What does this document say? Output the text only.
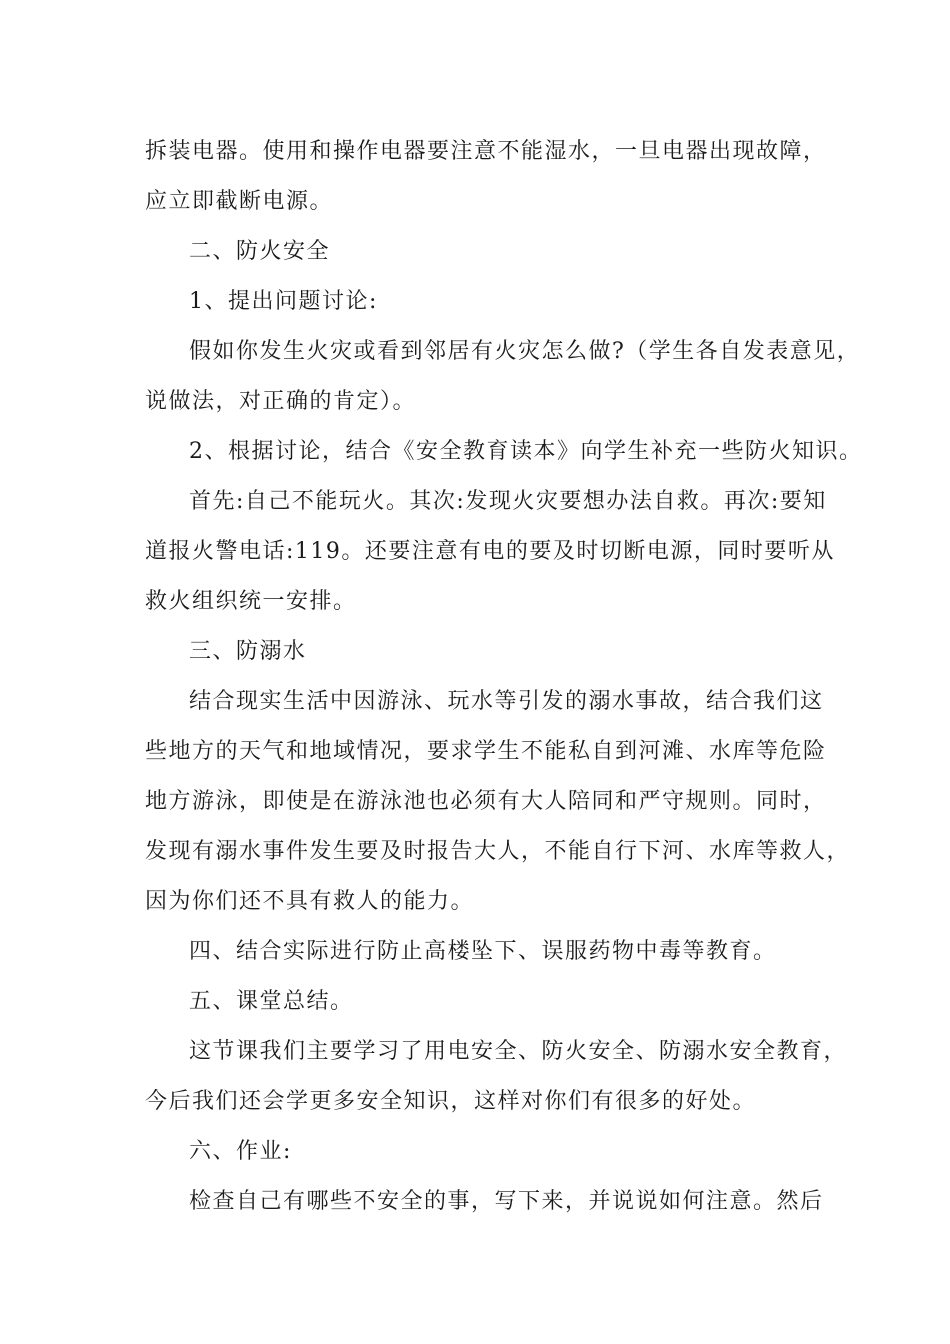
拆装电器。使用和操作电器要注意不能湿水，一旦电器出现故障，
应立即截断电源。
二、防火安全
1、提出问题讨论:
假如你发生火灾或看到邻居有火灾怎么做?（学生各自发表意见，
说做法，对正确的肯定）。
2、根据讨论，结合《安全教育读本》向学生补充一些防火知识。
首先:自己不能玩火。其次:发现火灾要想办法自救。再次:要知
道报火警电话:119。还要注意有电的要及时切断电源，同时要听从
救火组织统一安排。
三、防溺水
结合现实生活中因游泳、玩水等引发的溺水事故，结合我们这
些地方的天气和地域情况，要求学生不能私自到河滩、水库等危险
地方游泳，即使是在游泳池也必须有大人陪同和严守规则。同时，
发现有溺水事件发生要及时报告大人，不能自行下河、水库等救人，
因为你们还不具有救人的能力。
四、结合实际进行防止高楼坠下、误服药物中毒等教育。
五、课堂总结。
这节课我们主要学习了用电安全、防火安全、防溺水安全教育，
今后我们还会学更多安全知识，这样对你们有很多的好处。
六、作业:
检查自己有哪些不安全的事，写下来，并说说如何注意。然后
